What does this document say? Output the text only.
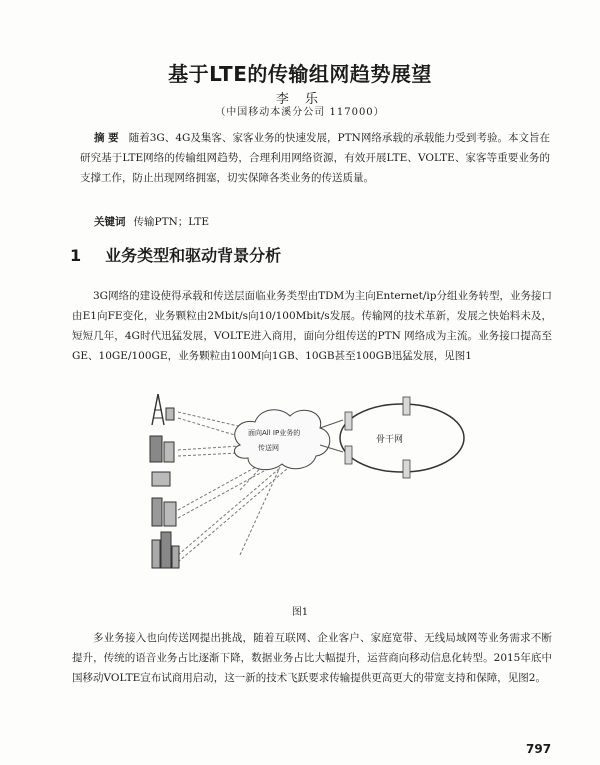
基于LTE的传输组网趋势展望
李 乐
（中国移动本溪分公司 117000）
摘 要 随着3G、4G及集客、家客业务的快速发展，PTN网络承载的承载能力受到考验。本文旨在研究基于LTE网络的传输组网趋势，合理利用网络资源，有效开展LTE、VOLTE、家客等重要业务的支撑工作，防止出现网络拥塞，切实保障各类业务的传送质量。
关键词 传输PTN；LTE
1 业务类型和驱动背景分析
3G网络的建设使得承载和传送层面临业务类型由TDM为主向Enternet/ip分组业务转型，业务接口由E1向FE变化，业务颗粒由2Mbit/s向10/100Mbit/s发展。传输网的技术革新，发展之快始料未及，短短几年，4G时代迅猛发展，VOLTE进入商用，面向分组传送的PTN 网络成为主流。业务接口提高至GE、10GE/100GE，业务颗粒由100M向1GB、10GB甚至100GB迅猛发展，见图1
面向All IP业务的
传送网
骨干网
图1
多业务接入也向传送网提出挑战，随着互联网、企业客户、家庭宽带、无线局域网等业务需求不断提升，传统的语音业务占比逐渐下降，数据业务占比大幅提升，运营商向移动信息化转型。2015年底中国移动VOLTE宣布试商用启动，这一新的技术飞跃要求传输提供更高更大的带宽支持和保障，见图2。
797
